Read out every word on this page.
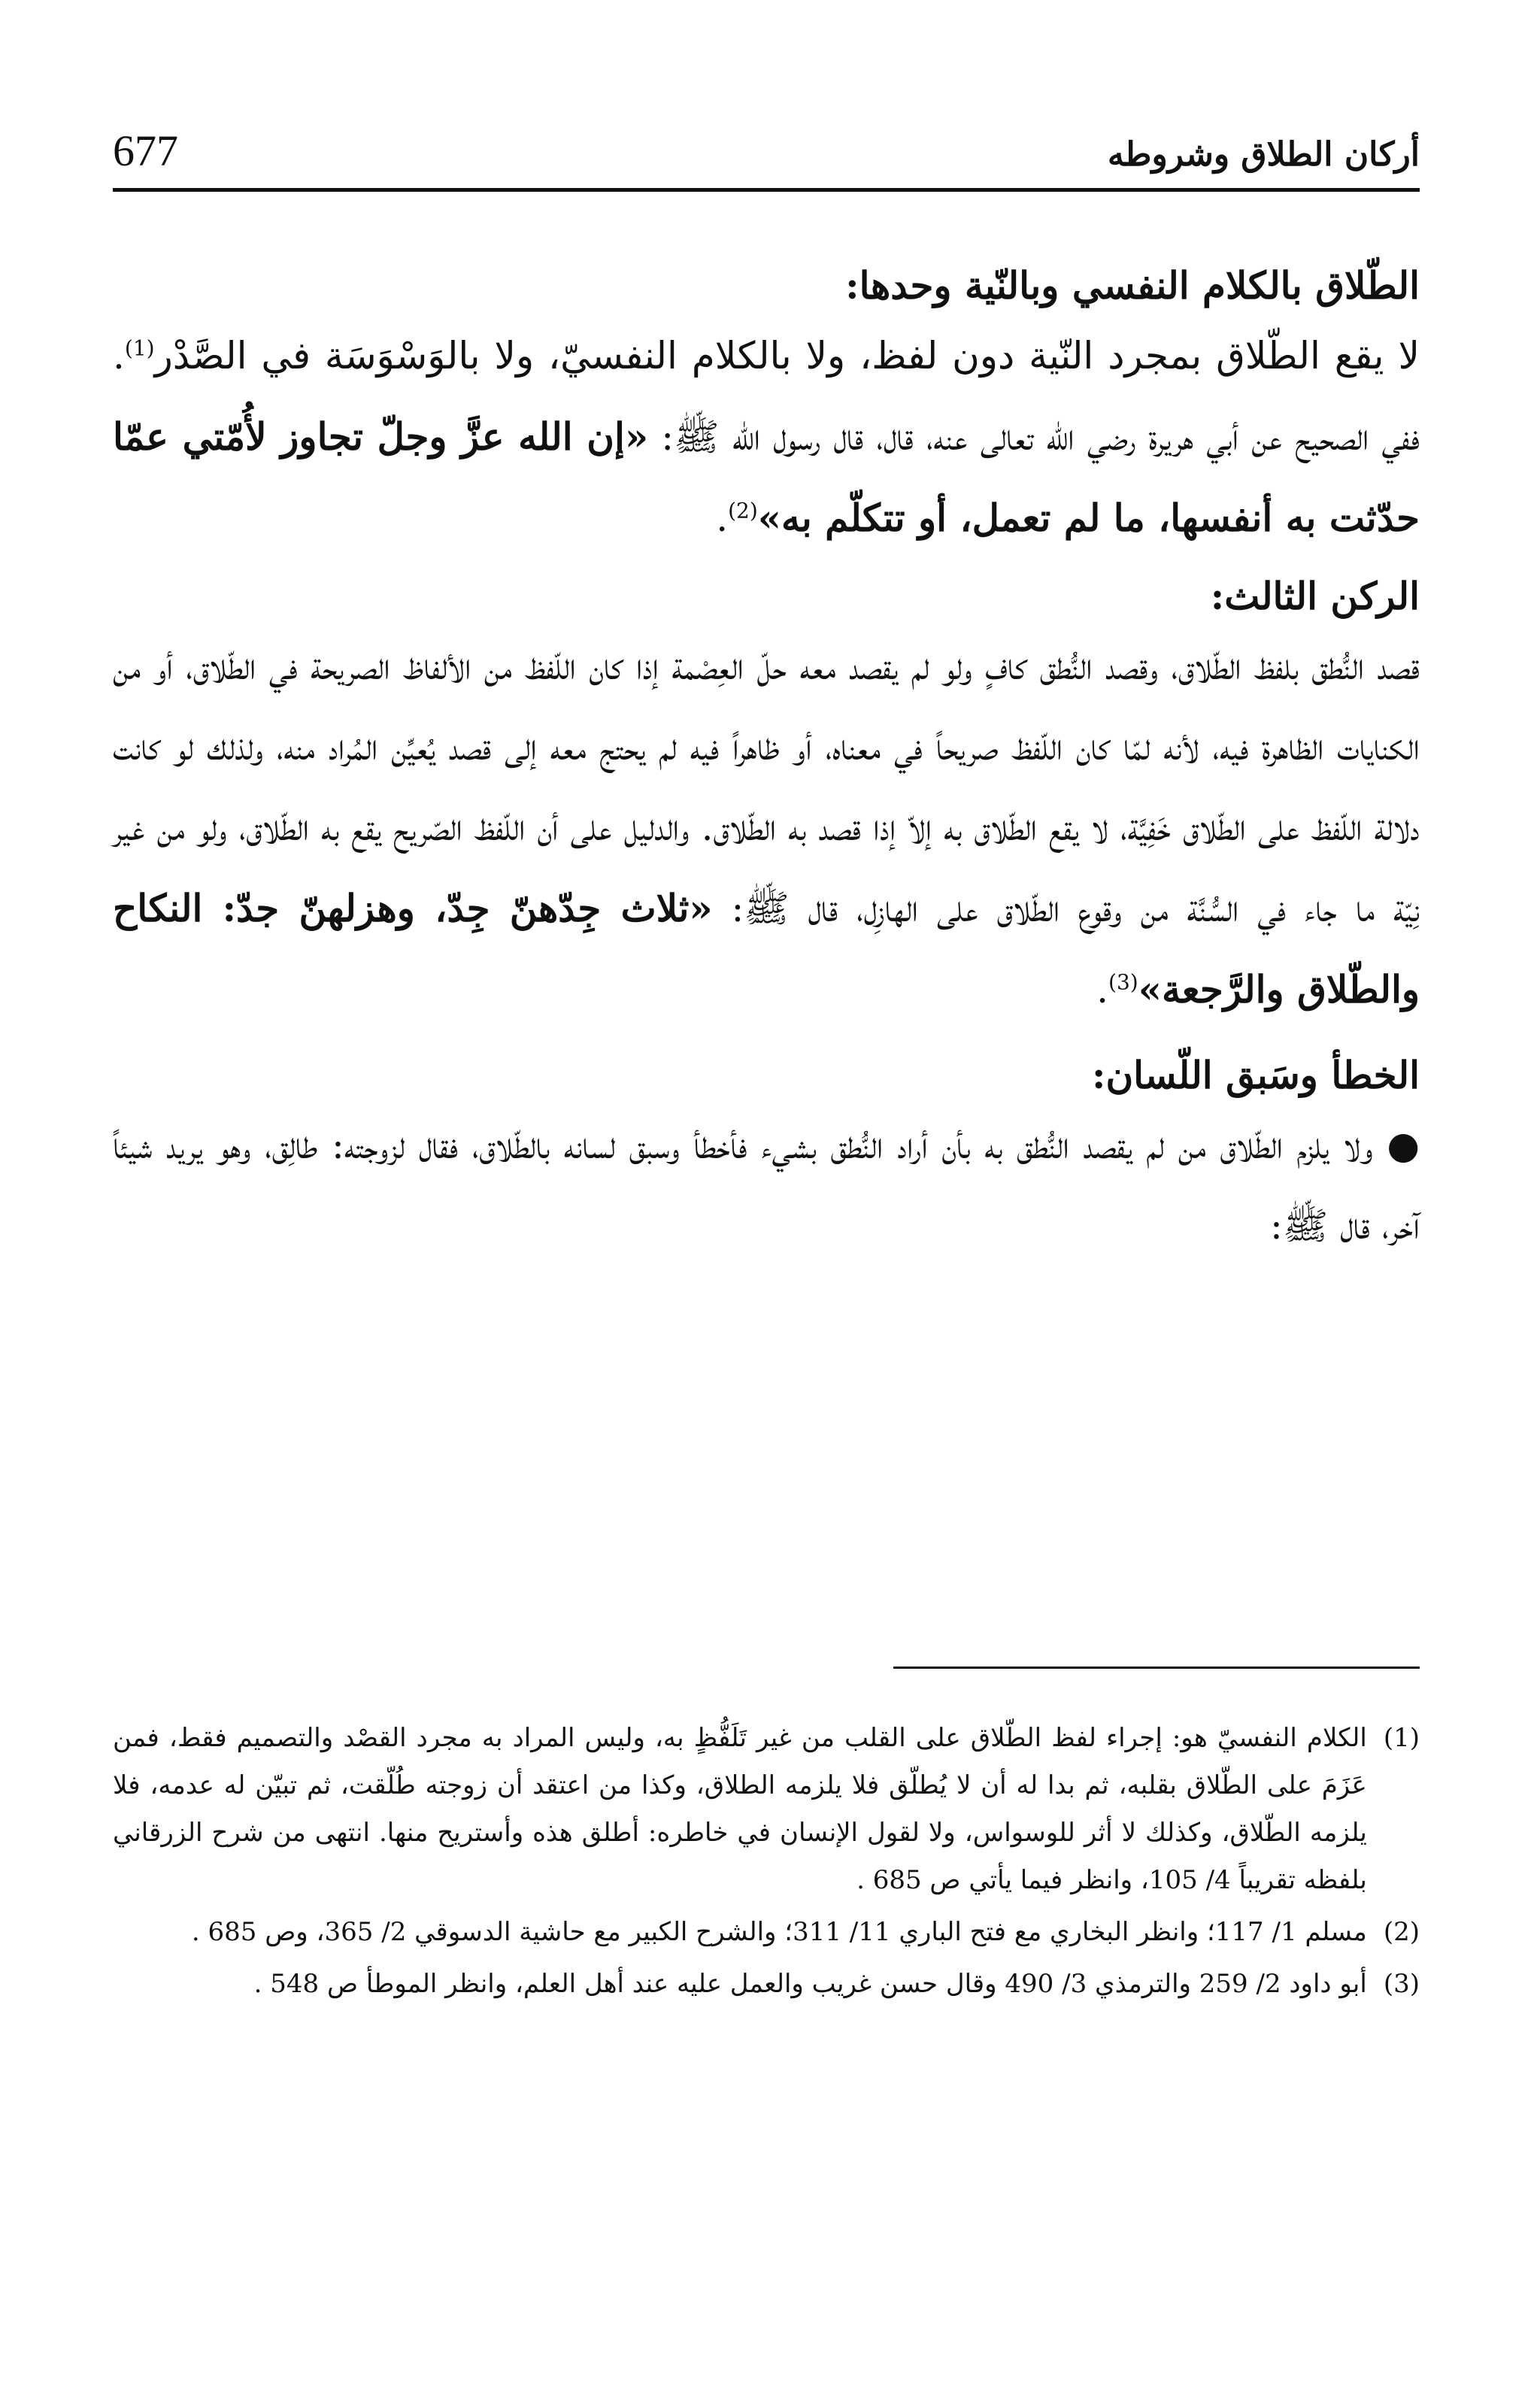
677	أركان الطلاق وشروطه

الطّلاق بالكلام النفسي وبالنّية وحدها:

لا يقع الطّلاق بمجرد النّية دون لفظ، ولا بالكلام النفسيّ، ولا بالوَسْوَسَة في الصَّدْر$^{(1)}$. ففي الصحيح عن أبي هريرة رضي الله تعالى عنه، قال، قال رسول الله ﷺ: «إن الله عزَّ وجلّ تجاوز لأُمّتي عمّا حدّثت به أنفسها، ما لم تعمل، أو تتكلّم به»$^{(2)}$.

الركن الثالث:

قصد النُّطق بلفظ الطّلاق، وقصد النُّطق كافٍ ولو لم يقصد معه حلّ العِصْمة إذا كان اللّفظ من الألفاظ الصريحة في الطّلاق، أو من الكنايات الظاهرة فيه، لأنه لمّا كان اللّفظ صريحاً في معناه، أو ظاهراً فيه لم يحتج معه إلى قصد يُعيِّن المُراد منه، ولذلك لو كانت دلالة اللّفظ على الطّلاق خَفِيَّة، لا يقع الطّلاق به إلاّ إذا قصد به الطّلاق. والدليل على أن اللّفظ الصّريح يقع به الطّلاق، ولو من غير نِيّة ما جاء في السُّنَّة من وقوع الطّلاق على الهازِل، قال ﷺ: «ثلاث جِدّهنّ جِدّ، وهزلهنّ جدّ: النكاح والطّلاق والرَّجعة»$^{(3)}$.

الخطأ وسَبق اللّسان:

● ولا يلزم الطّلاق من لم يقصد النُّطق به بأن أراد النُّطق بشيء فأخطأ وسبق لسانه بالطّلاق، فقال لزوجته: طالِق، وهو يريد شيئاً آخر، قال ﷺ:

(1)
الكلام النفسيّ هو: إجراء لفظ الطّلاق على القلب من غير تَلَفُّظٍ به، وليس المراد به مجرد القصْد والتصميم فقط، فمن عَزَمَ على الطّلاق بقلبه، ثم بدا له أن لا يُطلّق فلا يلزمه الطلاق، وكذا من اعتقد أن زوجته طُلّقت، ثم تبيّن له عدمه، فلا يلزمه الطّلاق، وكذلك لا أثر للوسواس، ولا لقول الإنسان في خاطره: أطلق هذه وأستريح منها. انتهى من شرح الزرقاني بلفظه تقريباً 4/ 105، وانظر فيما يأتي ص 685 .
(2)
مسلم 1/ 117؛ وانظر البخاري مع فتح الباري 11/ 311؛ والشرح الكبير مع حاشية الدسوقي 2/ 365، وص 685 .
(3)
أبو داود 2/ 259 والترمذي 3/ 490 وقال حسن غريب والعمل عليه عند أهل العلم، وانظر الموطأ ص 548 .
